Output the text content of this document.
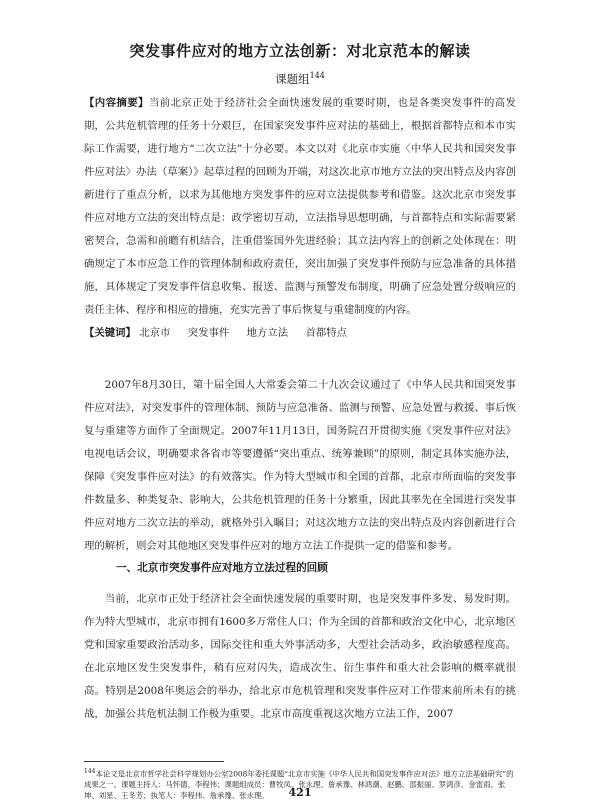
突发事件应对的地方立法创新：对北京范本的解读
课题组$^{144}$

【内容摘要】当前北京正处于经济社会全面快速发展的重要时期，也是各类突发事件的高发期，公共危机管理的任务十分艰巨，在国家突发事件应对法的基础上，根据首都特点和本市实际工作需要，进行地方“二次立法”十分必要。本文以对《北京市实施〈中华人民共和国突发事件应对法〉办法（草案）》起草过程的回顾为开端，对这次北京市地方立法的突出特点及内容创新进行了重点分析，以求为其他地方突发事件的应对立法提供参考和借鉴。这次北京市突发事件应对地方立法的突出特点是：政学密切互动，立法指导思想明确，与首都特点和实际需要紧密契合，急需和前瞻有机结合，注重借鉴国外先进经验；其立法内容上的创新之处体现在：明确规定了本市应急工作的管理体制和政府责任，突出加强了突发事件预防与应急准备的具体措施，具体规定了突发事件信息收集、报送、监测与预警发布制度，明确了应急处置分级响应的责任主体、程序和相应的措施，充实完善了事后恢复与重建制度的内容。

【关键词】 北京市 突发事件 地方立法 首都特点

2007年8月30日，第十届全国人大常委会第二十九次会议通过了《中华人民共和国突发事件应对法》，对突发事件的管理体制、预防与应急准备、监测与预警、应急处置与救援、事后恢复与重建等方面作了全面规定。2007年11月13日，国务院召开贯彻实施《突发事件应对法》电视电话会议，明确要求各省市等要遵循“突出重点、统筹兼顾”的原则，制定具体实施办法，保障《突发事件应对法》的有效落实。作为特大型城市和全国的首都，北京市所面临的突发事件数量多、种类复杂、影响大，公共危机管理的任务十分繁重，因此其率先在全国进行突发事件应对地方二次立法的举动，就格外引入瞩目；对这次地方立法的突出特点及内容创新进行合理的解析，则会对其他地区突发事件应对的地方立法工作提供一定的借鉴和参考。

一、北京市突发事件应对地方立法过程的回顾

当前，北京市正处于经济社会全面快速发展的重要时期，也是突发事件多发、易发时期。作为特大型城市，北京市拥有1600多万常住人口；作为全国的首都和政治文化中心，北京地区党和国家重要政治活动多，国际交往和重大外事活动多，大型社会活动多，政治敏感程度高。在北京地区发生突发事件，稍有应对闪失，造成次生、衍生事件和重大社会影响的概率就很高。特别是2008年奥运会的举办，给北京市危机管理和突发事件应对工作带来前所未有的挑战，加强公共危机法制工作极为重要。北京市高度重视这次地方立法工作，2007

$^{144}$本论文是北京市哲学社会科学规划办公室2008年委托课题“北京市实施《中华人民共和国突发事件应对法》地方立法基础研究”的成果之一。课题主持人：马怀德、李程伟；课题组成员：曹牧凤、张永理、詹承豫、林鸿潮、赵鹏、邵振丽、罗鸿彦、金雷雨、张坤、刘星、王冬芳；执笔人：李程伟、詹承豫、张永理。	421
